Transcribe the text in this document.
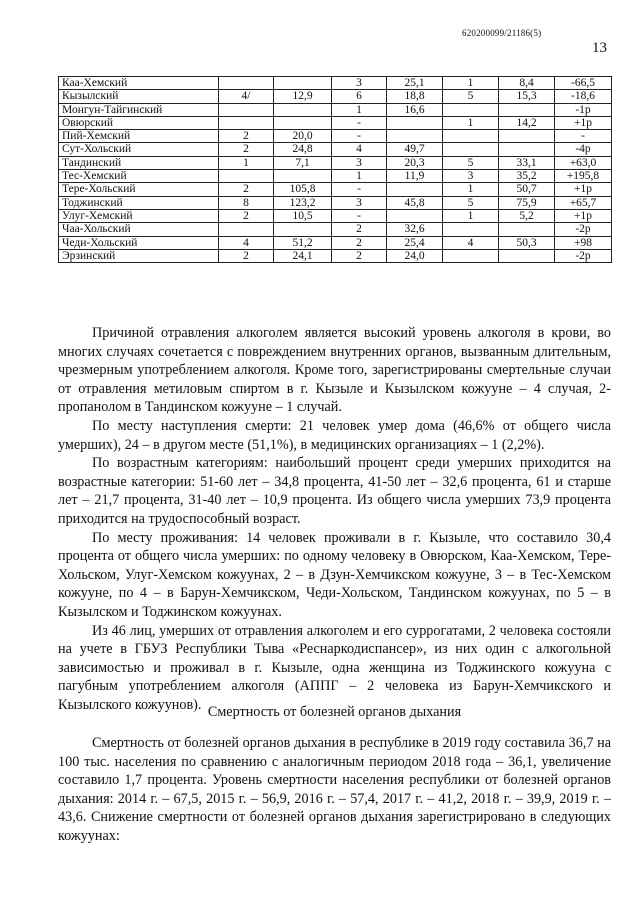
620200099/21186(5)
13
Каа-Хемский			3	25,1	1	8,4	-66,5
Кызылский	4/	12,9	6	18,8	5	15,3	-18,6
Монгун-Тайгинский			1	16,6			-1р
Овюрский			-		1	14,2	+1р
Пий-Хемский	2	20,0	-				-
Сут-Хольский	2	24,8	4	49,7			-4р
Тандинский	1	7,1	3	20,3	5	33,1	+63,0
Тес-Хемский			1	11,9	3	35,2	+195,8
Тере-Хольский	2	105,8	-		1	50,7	+1р
Тоджинский	8	123,2	3	45,8	5	75,9	+65,7
Улуг-Хемский	2	10,5	-		1	5,2	+1р
Чаа-Хольский			2	32,6			-2р
Чеди-Хольский	4	51,2	2	25,4	4	50,3	+98
Эрзинский	2	24,1	2	24,0			-2р

Причиной отравления алкоголем является высокий уровень алкоголя в крови, во многих случаях сочетается с повреждением внутренних органов, вызванным длительным, чрезмерным употреблением алкоголя. Кроме того, зарегистрированы смертельные случаи от отравления метиловым спиртом в г. Кызыле и Кызылском кожууне – 4 случая, 2-пропанолом в Тандинском кожууне – 1 случай.

По месту наступления смерти: 21 человек умер дома (46,6% от общего числа умерших), 24 – в другом месте (51,1%), в медицинских организациях – 1 (2,2%).

По возрастным категориям: наибольший процент среди умерших приходится на возрастные категории: 51-60 лет – 34,8 процента, 41-50 лет – 32,6 процента, 61 и старше лет – 21,7 процента, 31-40 лет – 10,9 процента. Из общего числа умерших 73,9 процента приходится на трудоспособный возраст.

По месту проживания: 14 человек проживали в г. Кызыле, что составило 30,4 процента от общего числа умерших: по одному человеку в Овюрском, Каа-Хемском, Тере-Хольском, Улуг-Хемском кожуунах, 2 – в Дзун-Хемчикском кожууне, 3 – в Тес-Хемском кожууне, по 4 – в Барун-Хемчикском, Чеди-Хольском, Тандинском кожуунах, по 5 – в Кызылском и Тоджинском кожуунах.

Из 46 лиц, умерших от отравления алкоголем и его суррогатами, 2 человека состояли на учете в ГБУЗ Республики Тыва «Реснаркодиспансер», из них один с алкогольной зависимостью и проживал в г. Кызыле, одна женщина из Тоджинского кожууна с пагубным употреблением алкоголя (АППГ – 2 человека из Барун-Хемчикского и Кызылского кожуунов). Смертность от болезней органов дыхания

Смертность от болезней органов дыхания в республике в 2019 году составила 36,7 на 100 тыс. населения по сравнению с аналогичным периодом 2018 года – 36,1, увеличение составило 1,7 процента. Уровень смертности населения республики от болезней органов дыхания: 2014 г. – 67,5, 2015 г. – 56,9, 2016 г. – 57,4, 2017 г. – 41,2, 2018 г. – 39,9, 2019 г. – 43,6. Снижение смертности от болезней органов дыхания зарегистрировано в следующих кожуунах:
